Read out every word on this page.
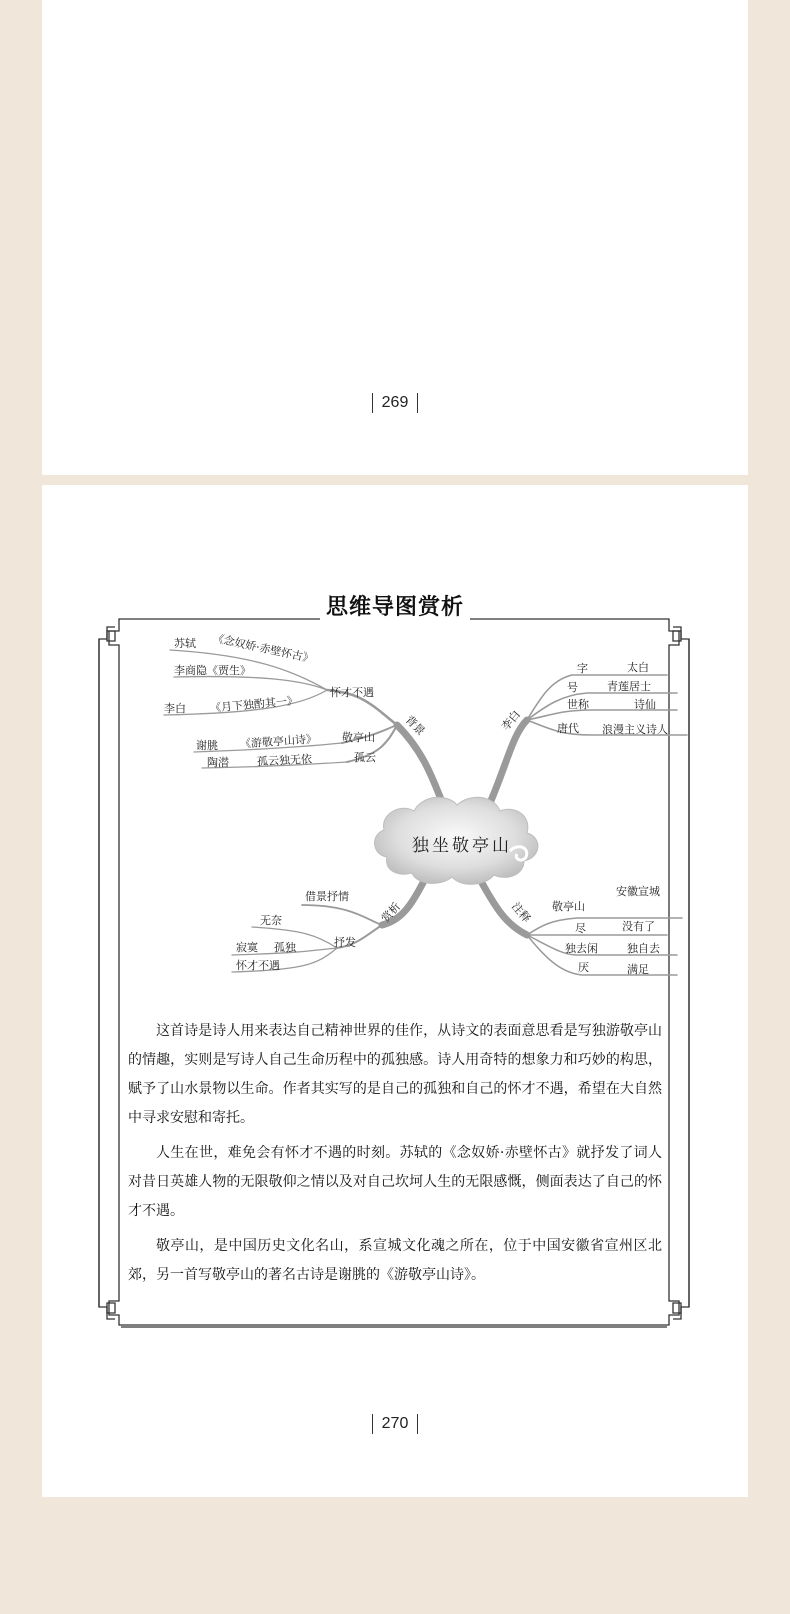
269
思维导图赏析
独坐敬亭山
背景
怀才不遇
苏轼 《念奴娇·赤壁怀古》
李商隐《贾生》
李白 《月下独酌其一》
敬亭山
谢朓 《游敬亭山诗》
孤云
陶潜	孤云独无依
李白
字	太白
号	青莲居士
世称	诗仙
唐代 浪漫主义诗人
赏析
借景抒情
抒发
无奈
寂寞 孤独
怀才不遇
注释 敬亭山
安徽宣城
尽	没有了
独去闲	独自去
厌	满足

这首诗是诗人用来表达自己精神世界的佳作，从诗文的表面意思看是写独游敬亭山的情趣，实则是写诗人自己生命历程中的孤独感。诗人用奇特的想象力和巧妙的构思，赋予了山水景物以生命。作者其实写的是自己的孤独和自己的怀才不遇，希望在大自然中寻求安慰和寄托。

人生在世，难免会有怀才不遇的时刻。苏轼的《念奴娇·赤壁怀古》就抒发了词人对昔日英雄人物的无限敬仰之情以及对自己坎坷人生的无限感慨，侧面表达了自己的怀才不遇。

敬亭山，是中国历史文化名山，系宣城文化魂之所在，位于中国安徽省宣州区北郊，另一首写敬亭山的著名古诗是谢朓的《游敬亭山诗》。

270
